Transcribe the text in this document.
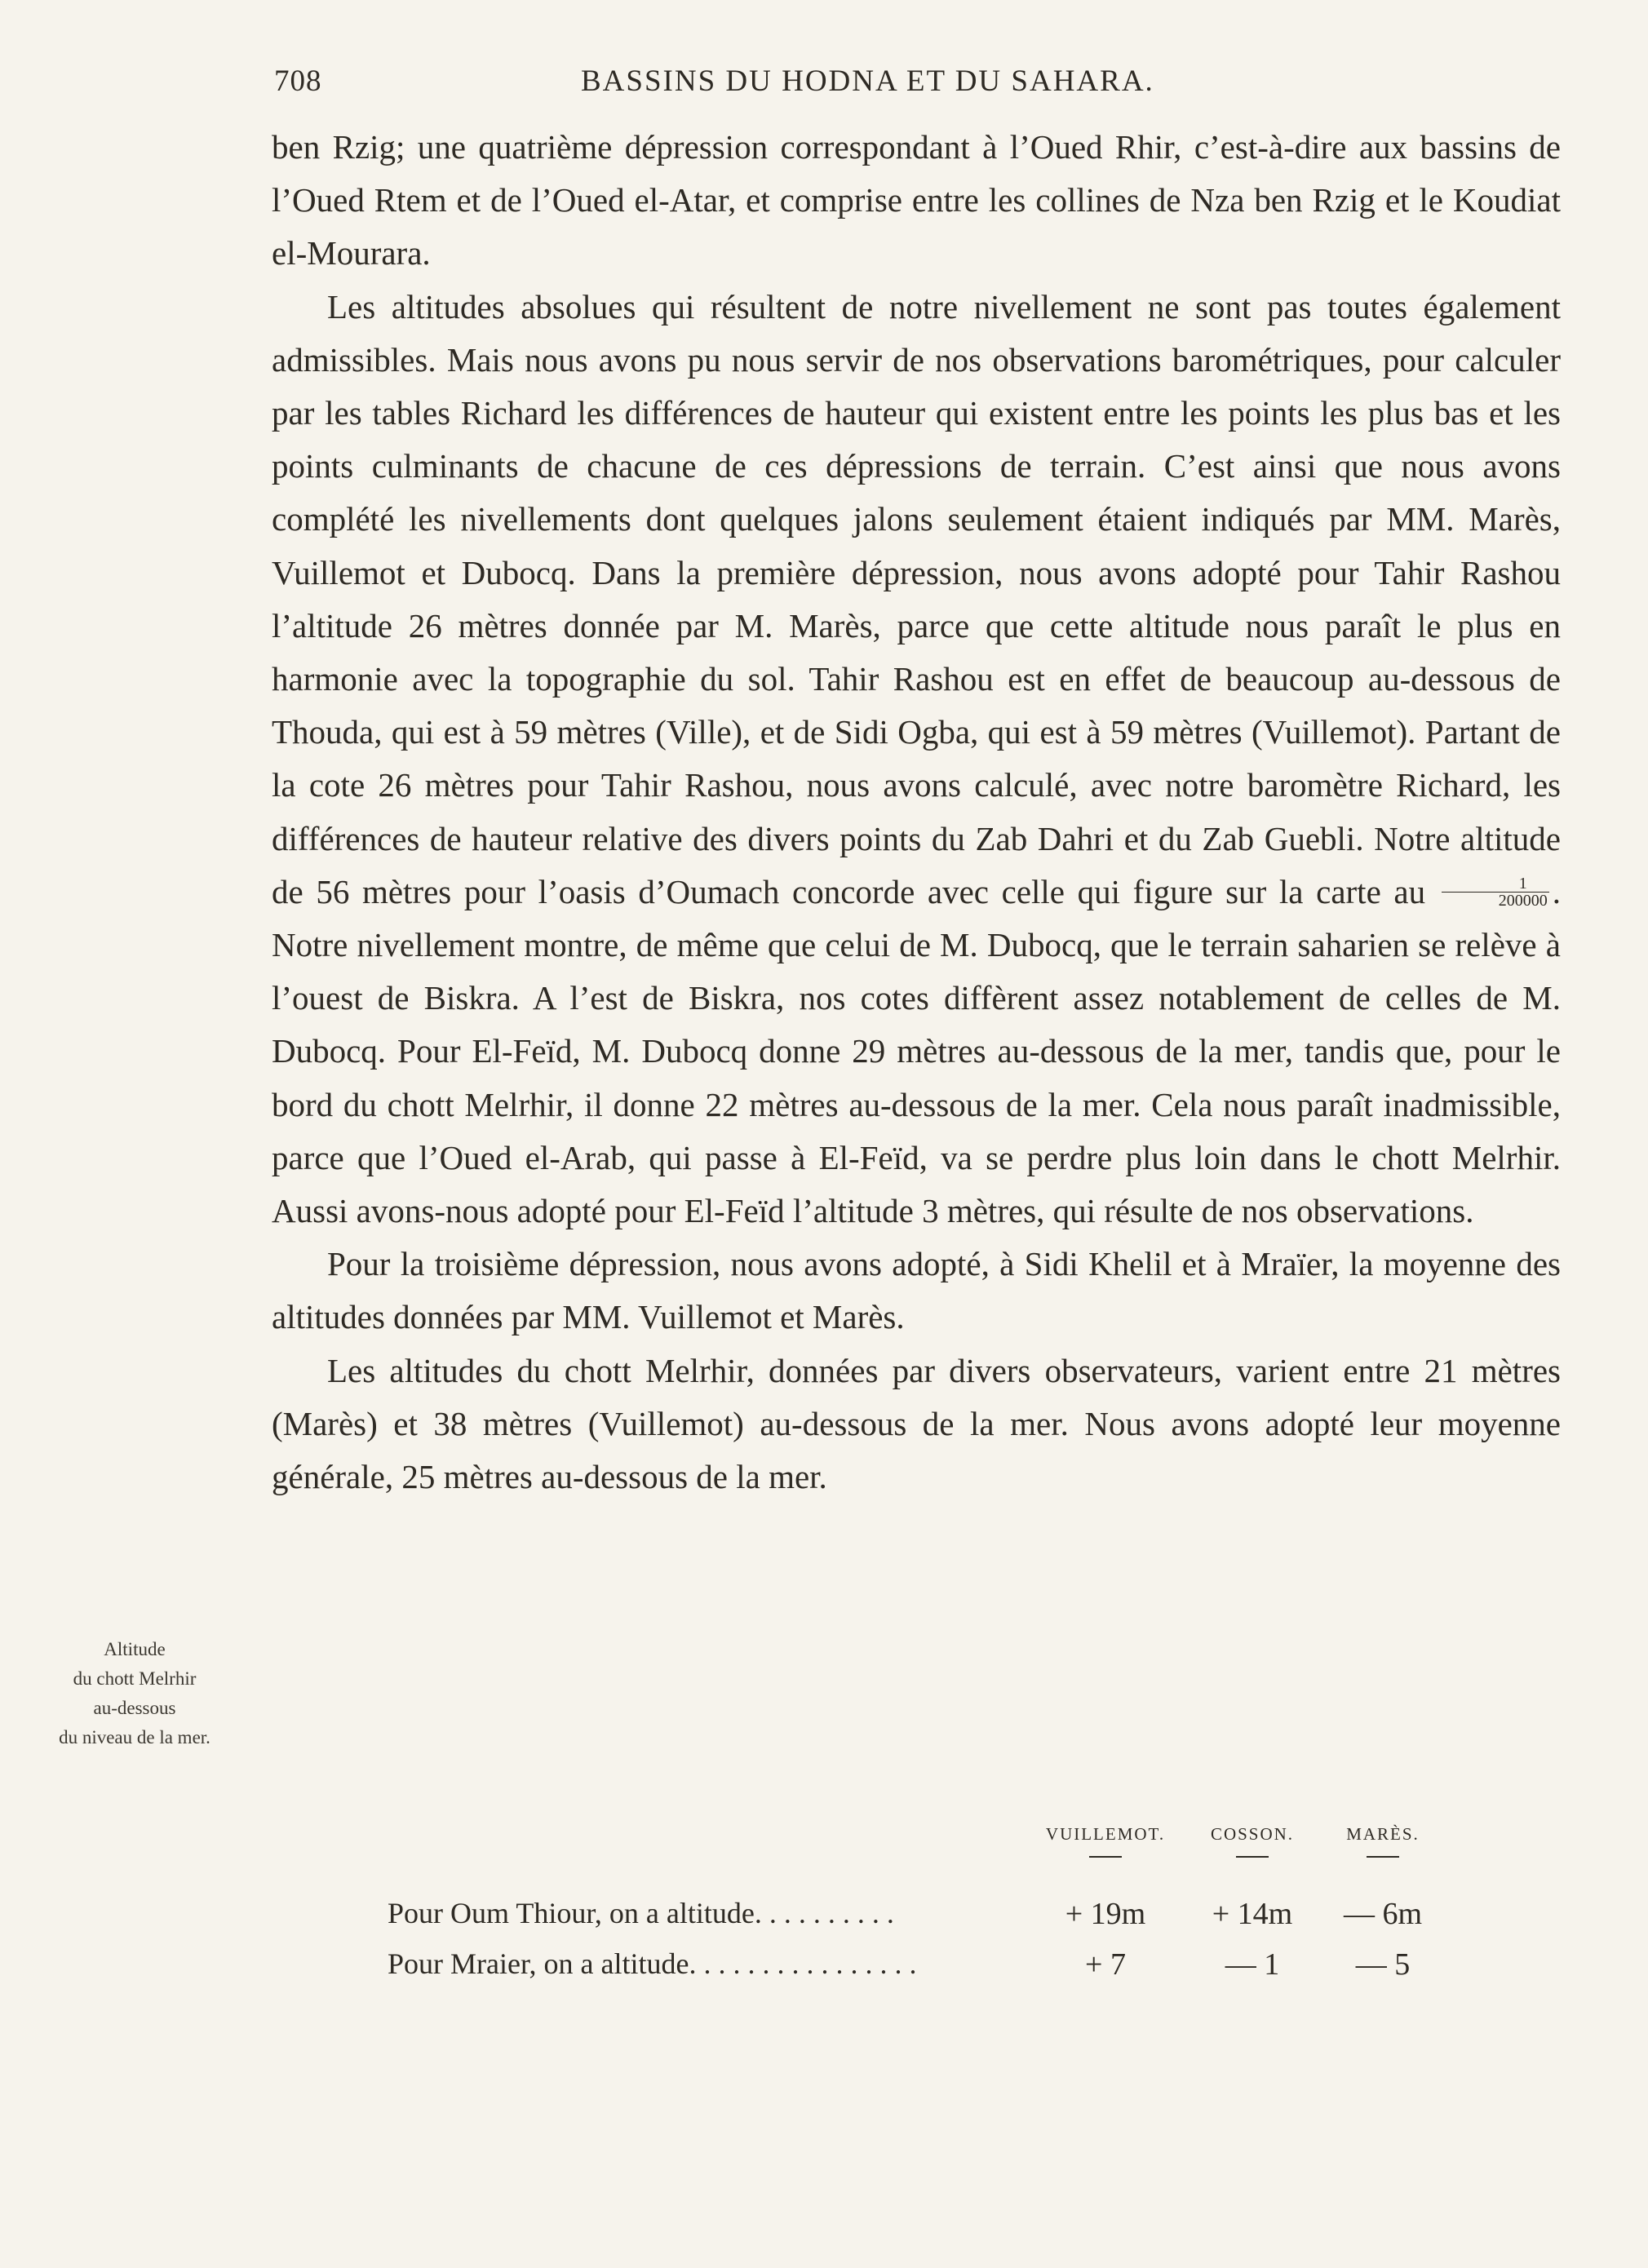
708	BASSINS DU HODNA ET DU SAHARA.

ben Rzig; une quatrième dépression correspondant à l’Oued Rhir, c’est-à-dire aux bassins de l’Oued Rtem et de l’Oued el-Atar, et comprise entre les collines de Nza ben Rzig et le Koudiat el-Mourara.

Les altitudes absolues qui résultent de notre nivellement ne sont pas toutes également admissibles. Mais nous avons pu nous servir de nos observations barométriques, pour calculer par les tables Richard les différences de hauteur qui existent entre les points les plus bas et les points culminants de chacune de ces dépressions de terrain. C’est ainsi que nous avons complété les nivellements dont quelques jalons seulement étaient indiqués par MM. Marès, Vuillemot et Dubocq. Dans la première dépression, nous avons adopté pour Tahir Rashou l’altitude 26 mètres donnée par M. Marès, parce que cette altitude nous paraît le plus en harmonie avec la topographie du sol. Tahir Rashou est en effet de beaucoup au-dessous de Thouda, qui est à 59 mètres (Ville), et de Sidi Ogba, qui est à 59 mètres (Vuillemot). Partant de la cote 26 mètres pour Tahir Rashou, nous avons calculé, avec notre baromètre Richard, les différences de hauteur relative des divers points du Zab Dahri et du Zab Guebli. Notre altitude de 56 mètres pour l’oasis d’Oumach concorde avec celle qui figure sur la carte au $\frac{1}{200000}$ . Notre nivellement montre, de même que celui de M. Dubocq, que le terrain saharien se relève à l’ouest de Biskra. A l’est de Biskra, nos cotes diffèrent assez notablement de celles de M. Dubocq. Pour El-Feïd, M. Dubocq donne 29 mètres au-dessous de la mer, tandis que, pour le bord du chott Melrhir, il donne 22 mètres au-dessous de la mer. Cela nous paraît inadmissible, parce que l’Oued el-Arab, qui passe à El-Feïd, va se perdre plus loin dans le chott Melrhir. Aussi avons-nous adopté pour El-Feïd l’altitude 3 mètres, qui résulte de nos observations.

Pour la troisième dépression, nous avons adopté, à Sidi Khelil et à Mraïer, la moyenne des altitudes données par MM. Vuillemot et Marès.

Les altitudes du chott Melrhir, données par divers observateurs, varient entre 21 mètres (Marès) et 38 mètres (Vuillemot) au-dessous de la mer. Nous avons adopté leur moyenne générale, 25 mètres au-dessous de la mer.

Altitude
du chott Melrhir
au-dessous
du niveau de la mer.
VUILLEMOT.	COSSON.	MARÈS.
Pour Oum Thiour, on a altitude. . . . . . . . . .	+ 19m	+ 14m	— 6m
Pour Mraier, on a altitude. . . . . . . . . . . . . . . .	+ 7	— 1	— 5
